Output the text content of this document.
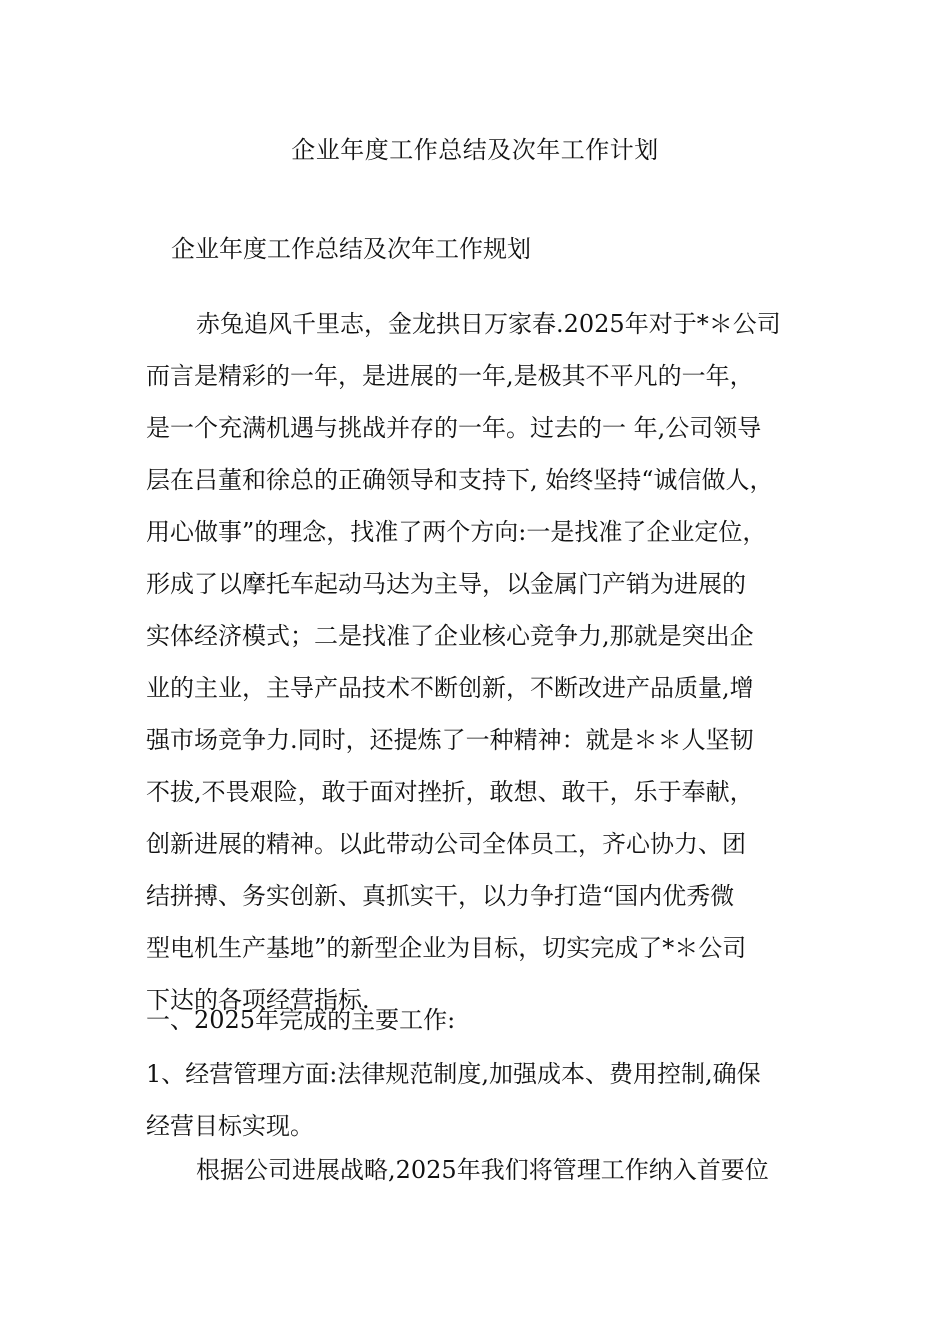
企业年度工作总结及次年工作计划
企业年度工作总结及次年工作规划
赤兔追风千里志，金龙拱日万家春.2025年对于*＊公司
而言是精彩的一年，是进展的一年,是极其不平凡的一年，
是一个充满机遇与挑战并存的一年。过去的一 年,公司领导
层在吕董和徐总的正确领导和支持下, 始终坚持“诚信做人，
用心做事”的理念，找准了两个方向:一是找准了企业定位，
形成了以摩托车起动马达为主导，以金属门产销为进展的
实体经济模式；二是找准了企业核心竞争力,那就是突出企
业的主业，主导产品技术不断创新，不断改进产品质量,增
强市场竞争力.同时，还提炼了一种精神：就是＊＊人坚韧
不拔,不畏艰险，敢于面对挫折，敢想、敢干，乐于奉献，
创新进展的精神。以此带动公司全体员工，齐心协力、团
结拼搏、务实创新、真抓实干，以力争打造“国内优秀微
型电机生产基地”的新型企业为目标，切实完成了*＊公司
下达的各项经营指标.
一、2025年完成的主要工作:
1、经营管理方面:法律规范制度,加强成本、费用控制,确保
经营目标实现。
根据公司进展战略,2025年我们将管理工作纳入首要位
